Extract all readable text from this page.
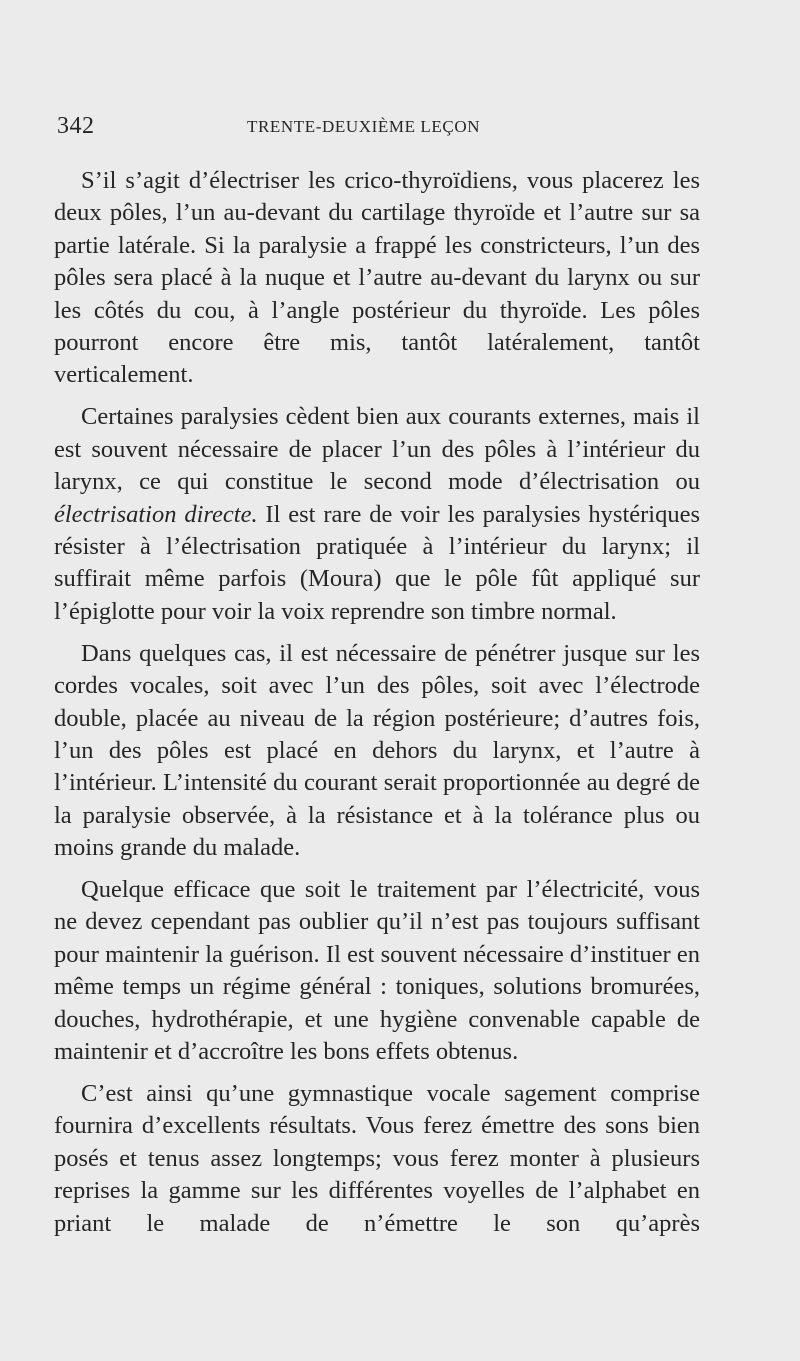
342	TRENTE-DEUXIÈME LEÇON

S’il s’agit d’électriser les crico-thyroïdiens, vous placerez les deux pôles, l’un au-devant du cartilage thyroïde et l’autre sur sa partie latérale. Si la paralysie a frappé les constricteurs, l’un des pôles sera placé à la nuque et l’autre au-devant du larynx ou sur les côtés du cou, à l’angle postérieur du thyroïde. Les pôles pourront encore être mis, tantôt latéralement, tantôt verticalement.

Certaines paralysies cèdent bien aux courants externes, mais il est souvent nécessaire de placer l’un des pôles à l’intérieur du larynx, ce qui constitue le second mode d’électrisation ou électrisation directe. Il est rare de voir les paralysies hystériques résister à l’électrisation pratiquée à l’intérieur du larynx; il suffirait même parfois (Moura) que le pôle fût appliqué sur l’épiglotte pour voir la voix reprendre son timbre normal.

Dans quelques cas, il est nécessaire de pénétrer jusque sur les cordes vocales, soit avec l’un des pôles, soit avec l’électrode double, placée au niveau de la région postérieure; d’autres fois, l’un des pôles est placé en dehors du larynx, et l’autre à l’intérieur. L’intensité du courant serait proportionnée au degré de la paralysie observée, à la résistance et à la tolérance plus ou moins grande du malade.

Quelque efficace que soit le traitement par l’électricité, vous ne devez cependant pas oublier qu’il n’est pas toujours suffisant pour maintenir la guérison. Il est souvent nécessaire d’instituer en même temps un régime général : toniques, solutions bromurées, douches, hydrothérapie, et une hygiène convenable capable de maintenir et d’accroître les bons effets obtenus.

C’est ainsi qu’une gymnastique vocale sagement comprise fournira d’excellents résultats. Vous ferez émettre des sons bien posés et tenus assez longtemps; vous ferez monter à plusieurs reprises la gamme sur les différentes voyelles de l’alphabet en priant le malade de n’émettre le son qu’après
